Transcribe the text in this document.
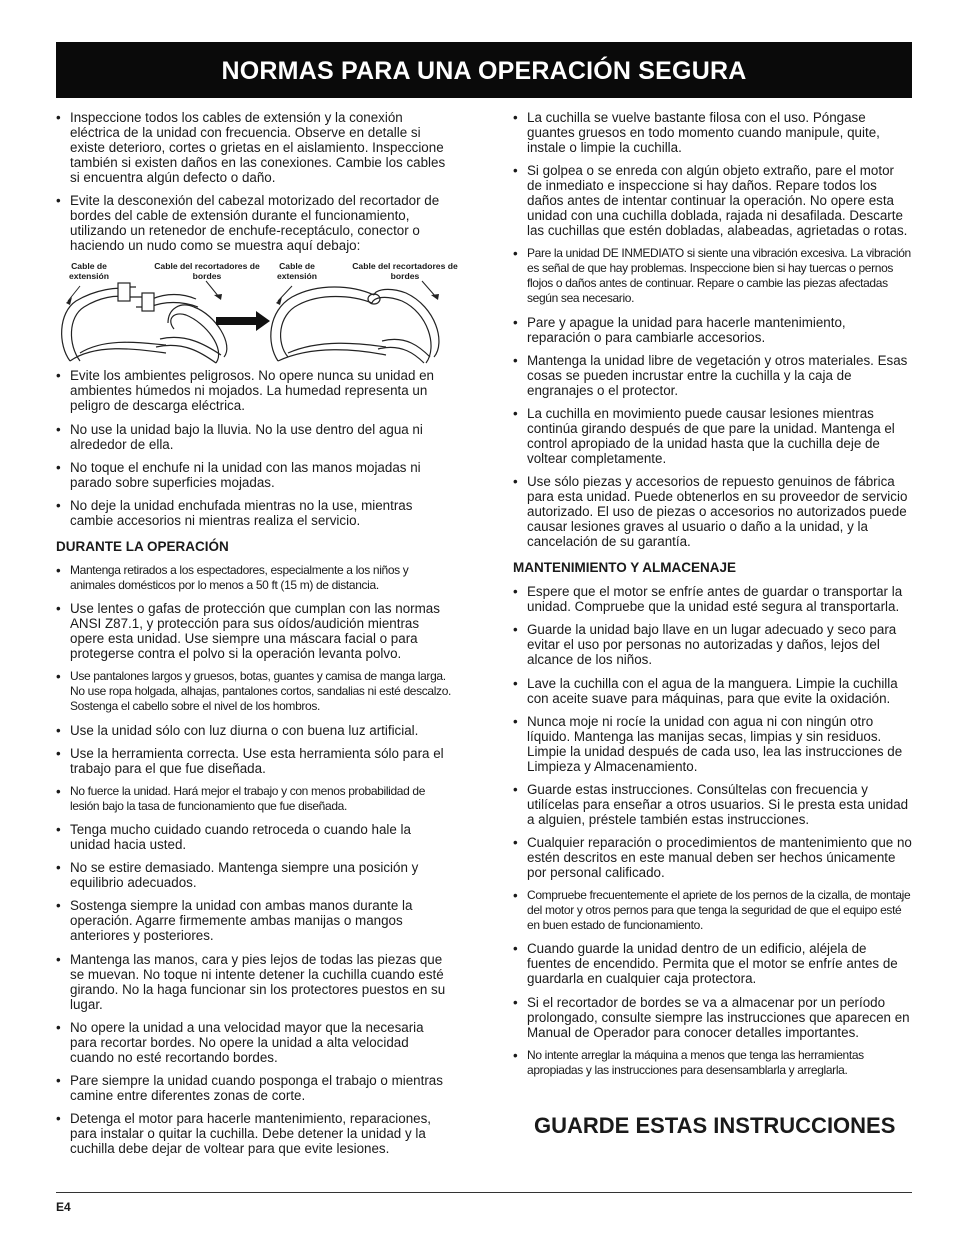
NORMAS PARA UNA OPERACIÓN SEGURA
• Inspeccione todos los cables de extensión y la conexión eléctrica de la unidad con frecuencia. Observe en detalle si existe deterioro, cortes o grietas en el aislamiento. Inspeccione también si existen daños en las conexiones. Cambie los cables si encuentra algún defecto o daño.
• Evite la desconexión del cabezal motorizado del recortador de bordes del cable de extensión durante el funcionamiento, utilizando un retenedor de enchufe-receptáculo, conector o haciendo un nudo como se muestra aquí debajo:
Cable de extensión
Cable del recortadores de bordes
Cable de extensión
Cable del recortadores de bordes
• Evite los ambientes peligrosos. No opere nunca su unidad en ambientes húmedos ni mojados. La humedad representa un peligro de descarga eléctrica.
• No use la unidad bajo la lluvia. No la use dentro del agua ni alrededor de ella.
• No toque el enchufe ni la unidad con las manos mojadas ni parado sobre superficies mojadas.
• No deje la unidad enchufada mientras no la use, mientras cambie accesorios ni mientras realiza el servicio.
DURANTE LA OPERACIÓN
• Mantenga retirados a los espectadores, especialmente a los niños y animales domésticos por lo menos a 50 ft (15 m) de distancia.
• Use lentes o gafas de protección que cumplan con las normas ANSI Z87.1, y protección para sus oídos/audición mientras opere esta unidad. Use siempre una máscara facial o para protegerse contra el polvo si la operación levanta polvo.
• Use pantalones largos y gruesos, botas, guantes y camisa de manga larga. No use ropa holgada, alhajas, pantalones cortos, sandalias ni esté descalzo. Sostenga el cabello sobre el nivel de los hombros.
• Use la unidad sólo con luz diurna o con buena luz artificial.
• Use la herramienta correcta. Use esta herramienta sólo para el trabajo para el que fue diseñada.
• No fuerce la unidad. Hará mejor el trabajo y con menos probabilidad de lesión bajo la tasa de funcionamiento que fue diseñada.
• Tenga mucho cuidado cuando retroceda o cuando hale la unidad hacia usted.
• No se estire demasiado. Mantenga siempre una posición y equilibrio adecuados.
• Sostenga siempre la unidad con ambas manos durante la operación. Agarre firmemente ambas manijas o mangos anteriores y posteriores.
• Mantenga las manos, cara y pies lejos de todas las piezas que se muevan. No toque ni intente detener la cuchilla cuando esté girando. No la haga funcionar sin los protectores puestos en su lugar.
• No opere la unidad a una velocidad mayor que la necesaria para recortar bordes. No opere la unidad a alta velocidad cuando no esté recortando bordes.
• Pare siempre la unidad cuando posponga el trabajo o mientras camine entre diferentes zonas de corte.
• Detenga el motor para hacerle mantenimiento, reparaciones, para instalar o quitar la cuchilla. Debe detener la unidad y la cuchilla debe dejar de voltear para que evite lesiones.
• La cuchilla se vuelve bastante filosa con el uso. Póngase guantes gruesos en todo momento cuando manipule, quite, instale o limpie la cuchilla.
• Si golpea o se enreda con algún objeto extraño, pare el motor de inmediato e inspeccione si hay daños. Repare todos los daños antes de intentar continuar la operación. No opere esta unidad con una cuchilla doblada, rajada ni desafilada. Descarte las cuchillas que estén dobladas, alabeadas, agrietadas o rotas.
• Pare la unidad DE INMEDIATO si siente una vibración excesiva. La vibración es señal de que hay problemas. Inspeccione bien si hay tuercas o pernos flojos o daños antes de continuar. Repare o cambie las piezas afectadas según sea necesario.
• Pare y apague la unidad para hacerle mantenimiento, reparación o para cambiarle accesorios.
• Mantenga la unidad libre de vegetación y otros materiales. Esas cosas se pueden incrustar entre la cuchilla y la caja de engranajes o el protector.
• La cuchilla en movimiento puede causar lesiones mientras continúa girando después de que pare la unidad. Mantenga el control apropiado de la unidad hasta que la cuchilla deje de voltear completamente.
• Use sólo piezas y accesorios de repuesto genuinos de fábrica para esta unidad. Puede obtenerlos en su proveedor de servicio autorizado. El uso de piezas o accesorios no autorizados puede causar lesiones graves al usuario o daño a la unidad, y la cancelación de su garantía.
MANTENIMIENTO Y ALMACENAJE
• Espere que el motor se enfríe antes de guardar o transportar la unidad. Compruebe que la unidad esté segura al transportarla.
• Guarde la unidad bajo llave en un lugar adecuado y seco para evitar el uso por personas no autorizadas y daños, lejos del alcance de los niños.
• Lave la cuchilla con el agua de la manguera. Limpie la cuchilla con aceite suave para máquinas, para que evite la oxidación.
• Nunca moje ni rocíe la unidad con agua ni con ningún otro líquido. Mantenga las manijas secas, limpias y sin residuos. Limpie la unidad después de cada uso, lea las instrucciones de Limpieza y Almacenamiento.
• Guarde estas instrucciones. Consúltelas con frecuencia y utilícelas para enseñar a otros usuarios. Si le presta esta unidad a alguien, préstele también estas instrucciones.
• Cualquier reparación o procedimientos de mantenimiento que no estén descritos en este manual deben ser hechos únicamente por personal calificado.
• Compruebe frecuentemente el apriete de los pernos de la cizalla, de montaje del motor y otros pernos para que tenga la seguridad de que el equipo esté en buen estado de funcionamiento.
• Cuando guarde la unidad dentro de un edificio, aléjela de fuentes de encendido. Permita que el motor se enfríe antes de guardarla en cualquier caja protectora.
• Si el recortador de bordes se va a almacenar por un período prolongado, consulte siempre las instrucciones que aparecen en Manual de Operador para conocer detalles importantes.
• No intente arreglar la máquina a menos que tenga las herramientas apropiadas y las instrucciones para desensamblarla y arreglarla.
GUARDE ESTAS INSTRUCCIONES
E4
